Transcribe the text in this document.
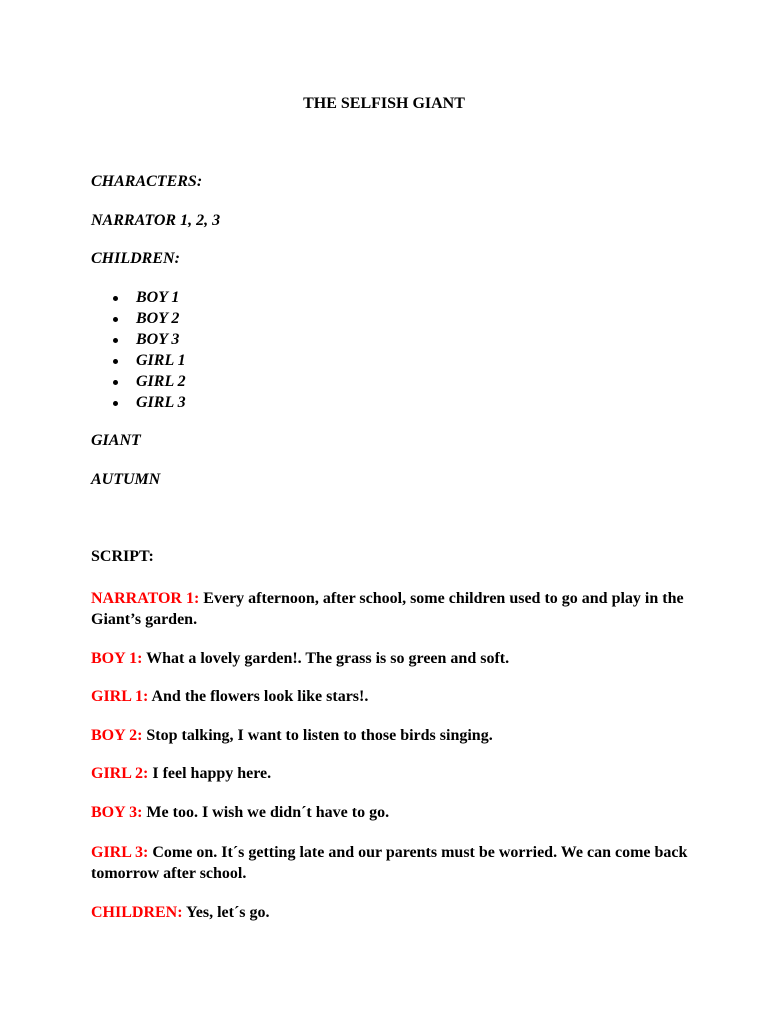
THE SELFISH GIANT
CHARACTERS:
NARRATOR 1, 2, 3
CHILDREN:
BOY 1
BOY 2
BOY 3
GIRL 1
GIRL 2
GIRL 3
GIANT
AUTUMN
SCRIPT:
NARRATOR 1: Every afternoon, after school, some children used to go and play in the Giant’s garden.
BOY 1: What a lovely garden!. The grass is so green and soft.
GIRL 1: And the flowers look like stars!.
BOY 2: Stop talking, I want to listen to those birds singing.
GIRL 2: I feel happy here.
BOY 3: Me too. I wish we didn´t have to go.
GIRL 3: Come on. It´s getting late and our parents must be worried. We can come back tomorrow after school.
CHILDREN: Yes, let´s go.
